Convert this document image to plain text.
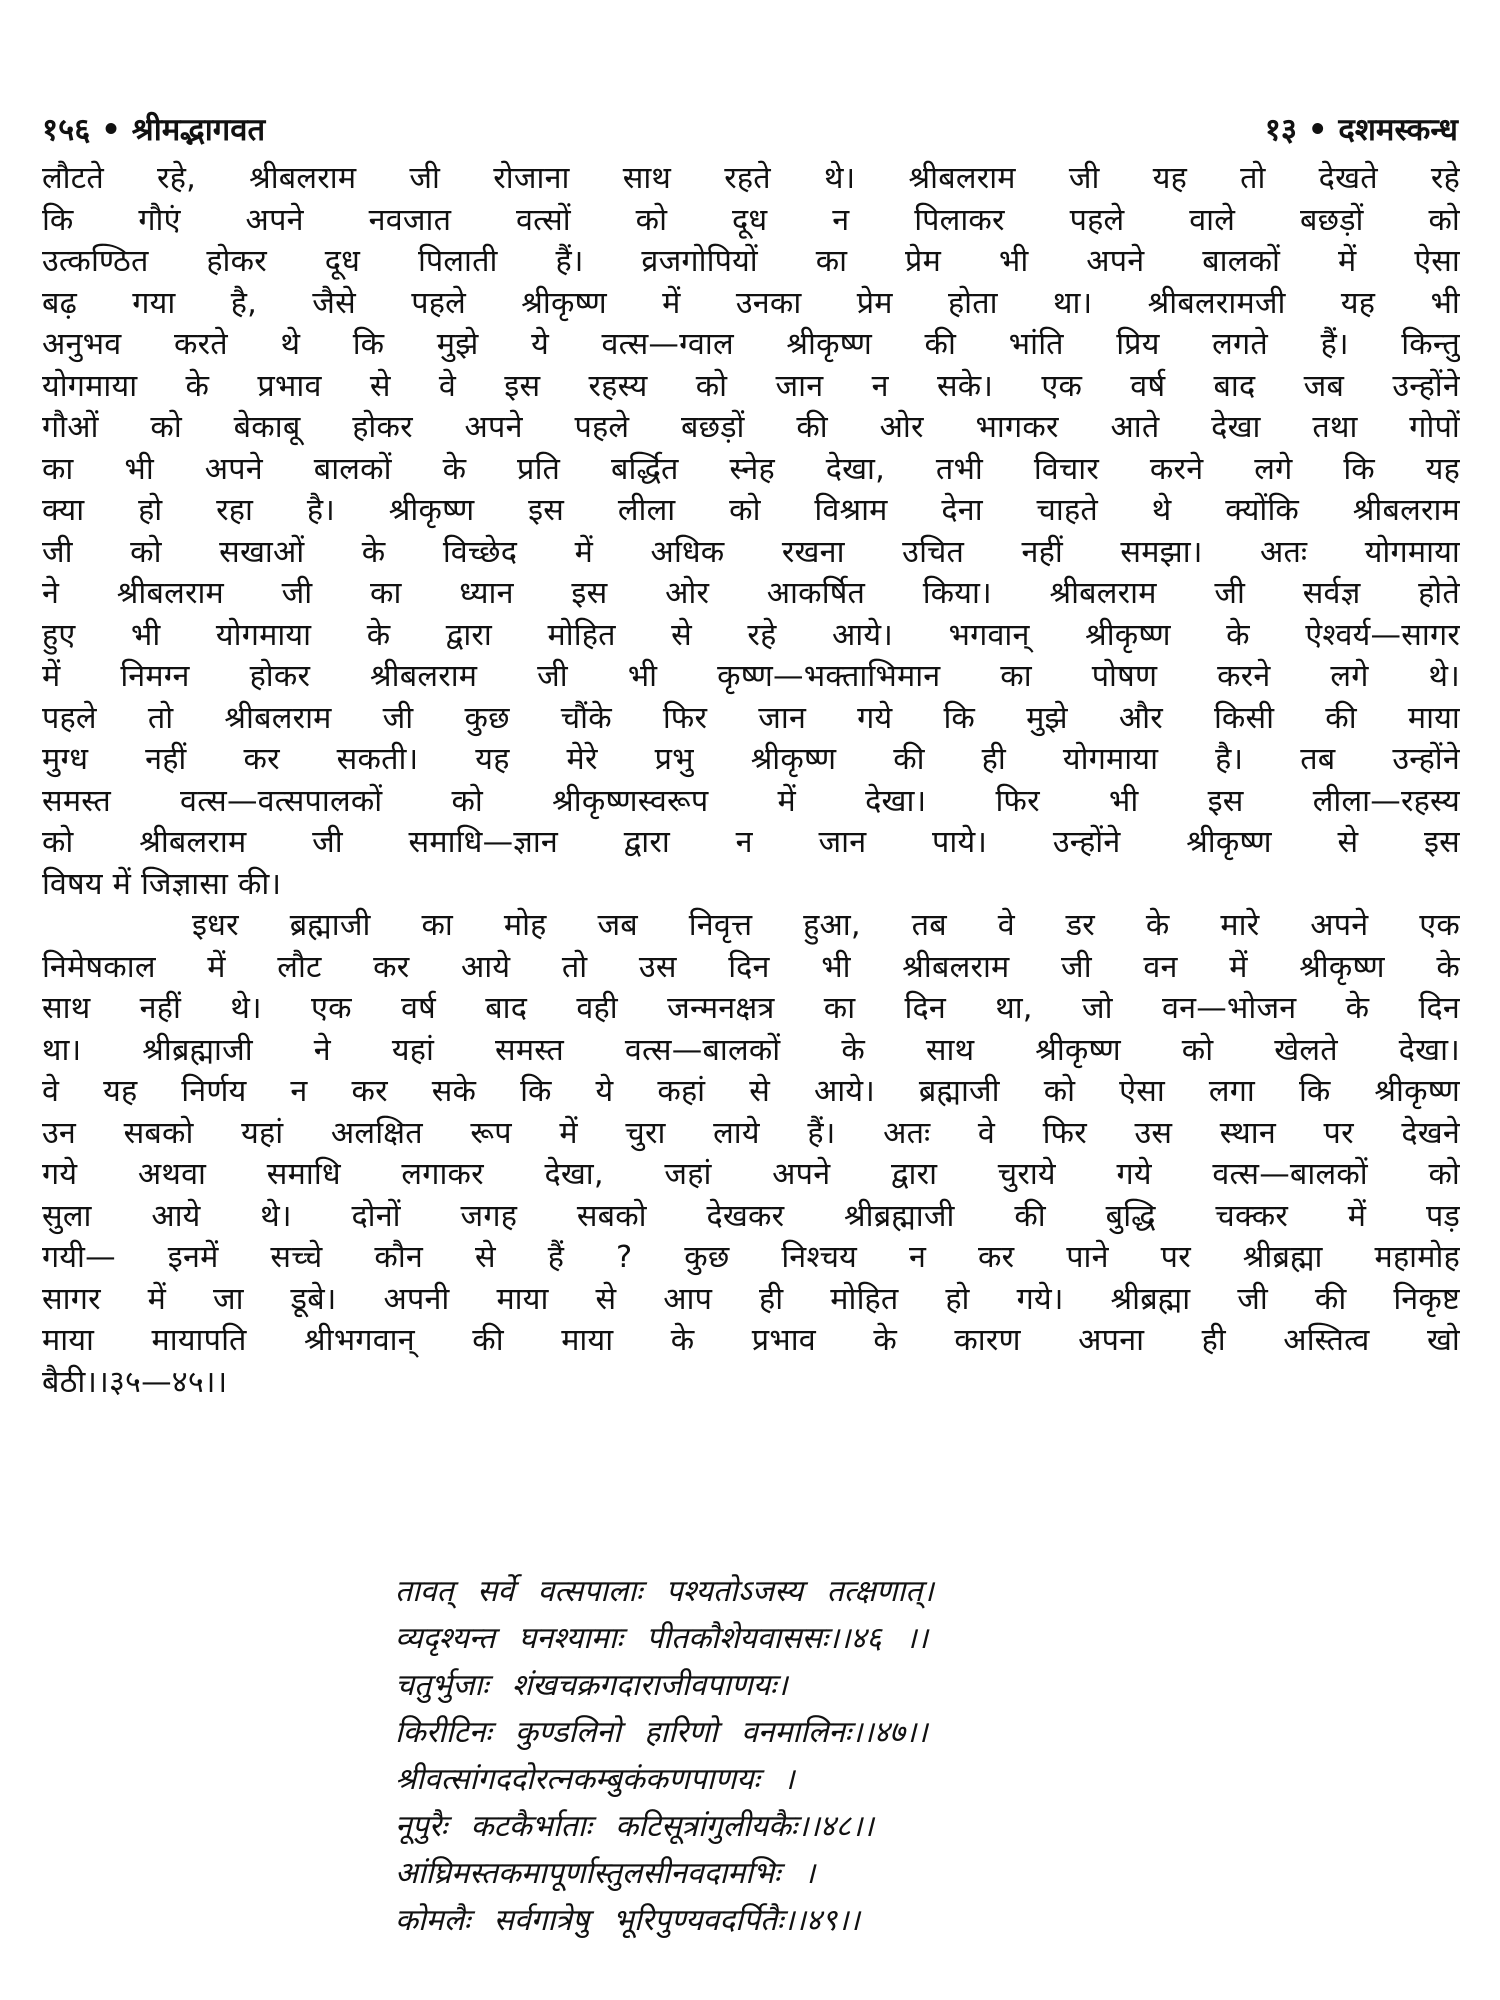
१५६ • श्रीमद्भागवत	१३ • दशमस्कन्ध
लौटते रहे, श्रीबलराम जी रोजाना साथ रहते थे। श्रीबलराम जी यह तो देखते रहे
कि गौएं अपने नवजात वत्सों को दूध न पिलाकर पहले वाले बछड़ों को
उत्कण्ठित होकर दूध पिलाती हैं। व्रजगोपियों का प्रेम भी अपने बालकों में ऐसा
बढ़ गया है, जैसे पहले श्रीकृष्ण में उनका प्रेम होता था। श्रीबलरामजी यह भी
अनुभव करते थे कि मुझे ये वत्स—ग्वाल श्रीकृष्ण की भांति प्रिय लगते हैं। किन्तु
योगमाया के प्रभाव से वे इस रहस्य को जान न सके। एक वर्ष बाद जब उन्होंने
गौओं को बेकाबू होकर अपने पहले बछड़ों की ओर भागकर आते देखा तथा गोपों
का भी अपने बालकों के प्रति बर्द्धित स्नेह देखा, तभी विचार करने लगे कि यह
क्या हो रहा है। श्रीकृष्ण इस लीला को विश्राम देना चाहते थे क्योंकि श्रीबलराम
जी को सखाओं के विच्छेद में अधिक रखना उचित नहीं समझा। अतः योगमाया
ने श्रीबलराम जी का ध्यान इस ओर आकर्षित किया। श्रीबलराम जी सर्वज्ञ होते
हुए भी योगमाया के द्वारा मोहित से रहे आये। भगवान् श्रीकृष्ण के ऐश्वर्य—सागर
में निमग्न होकर श्रीबलराम जी भी कृष्ण—भक्ताभिमान का पोषण करने लगे थे।
पहले तो श्रीबलराम जी कुछ चौंके फिर जान गये कि मुझे और किसी की माया
मुग्ध नहीं कर सकती। यह मेरे प्रभु श्रीकृष्ण की ही योगमाया है। तब उन्होंने
समस्त वत्स—वत्सपालकों को श्रीकृष्णस्वरूप में देखा। फिर भी इस लीला—रहस्य
को श्रीबलराम जी समाधि—ज्ञान द्वारा न जान पाये। उन्होंने श्रीकृष्ण से इस
विषय में जिज्ञासा की।
इधर ब्रह्माजी का मोह जब निवृत्त हुआ, तब वे डर के मारे अपने एक
निमेषकाल में लौट कर आये तो उस दिन भी श्रीबलराम जी वन में श्रीकृष्ण के
साथ नहीं थे। एक वर्ष बाद वही जन्मनक्षत्र का दिन था, जो वन—भोजन के दिन
था। श्रीब्रह्माजी ने यहां समस्त वत्स—बालकों के साथ श्रीकृष्ण को खेलते देखा।
वे यह निर्णय न कर सके कि ये कहां से आये। ब्रह्माजी को ऐसा लगा कि श्रीकृष्ण
उन सबको यहां अलक्षित रूप में चुरा लाये हैं। अतः वे फिर उस स्थान पर देखने
गये अथवा समाधि लगाकर देखा, जहां अपने द्वारा चुराये गये वत्स—बालकों को
सुला आये थे। दोनों जगह सबको देखकर श्रीब्रह्माजी की बुद्धि चक्कर में पड़
गयी— इनमें सच्चे कौन से हैं ? कुछ निश्चय न कर पाने पर श्रीब्रह्मा महामोह
सागर में जा डूबे। अपनी माया से आप ही मोहित हो गये। श्रीब्रह्मा जी की निकृष्ट
माया मायापति श्रीभगवान् की माया के प्रभाव के कारण अपना ही अस्तित्व खो
बैठी।।३५—४५।।
तावत् सर्वे वत्सपालाः पश्यतोऽजस्य तत्क्षणात्।
व्यदृश्यन्त घनश्यामाः पीतकौशेयवाससः।।४६ ।।
चतुर्भुजाः शंखचक्रगदाराजीवपाणयः।
किरीटिनः कुण्डलिनो हारिणो वनमालिनः।।४७।।
श्रीवत्सांगददोरत्नकम्बुकंकणपाणयः ।
नूपुरैः कटकैर्भाताः कटिसूत्रांगुलीयकैः।।४८।।
आंघ्रिमस्तकमापूर्णास्तुलसीनवदामभिः ।
कोमलैः सर्वगात्रेषु भूरिपुण्यवदर्पितैः।।४९।।
